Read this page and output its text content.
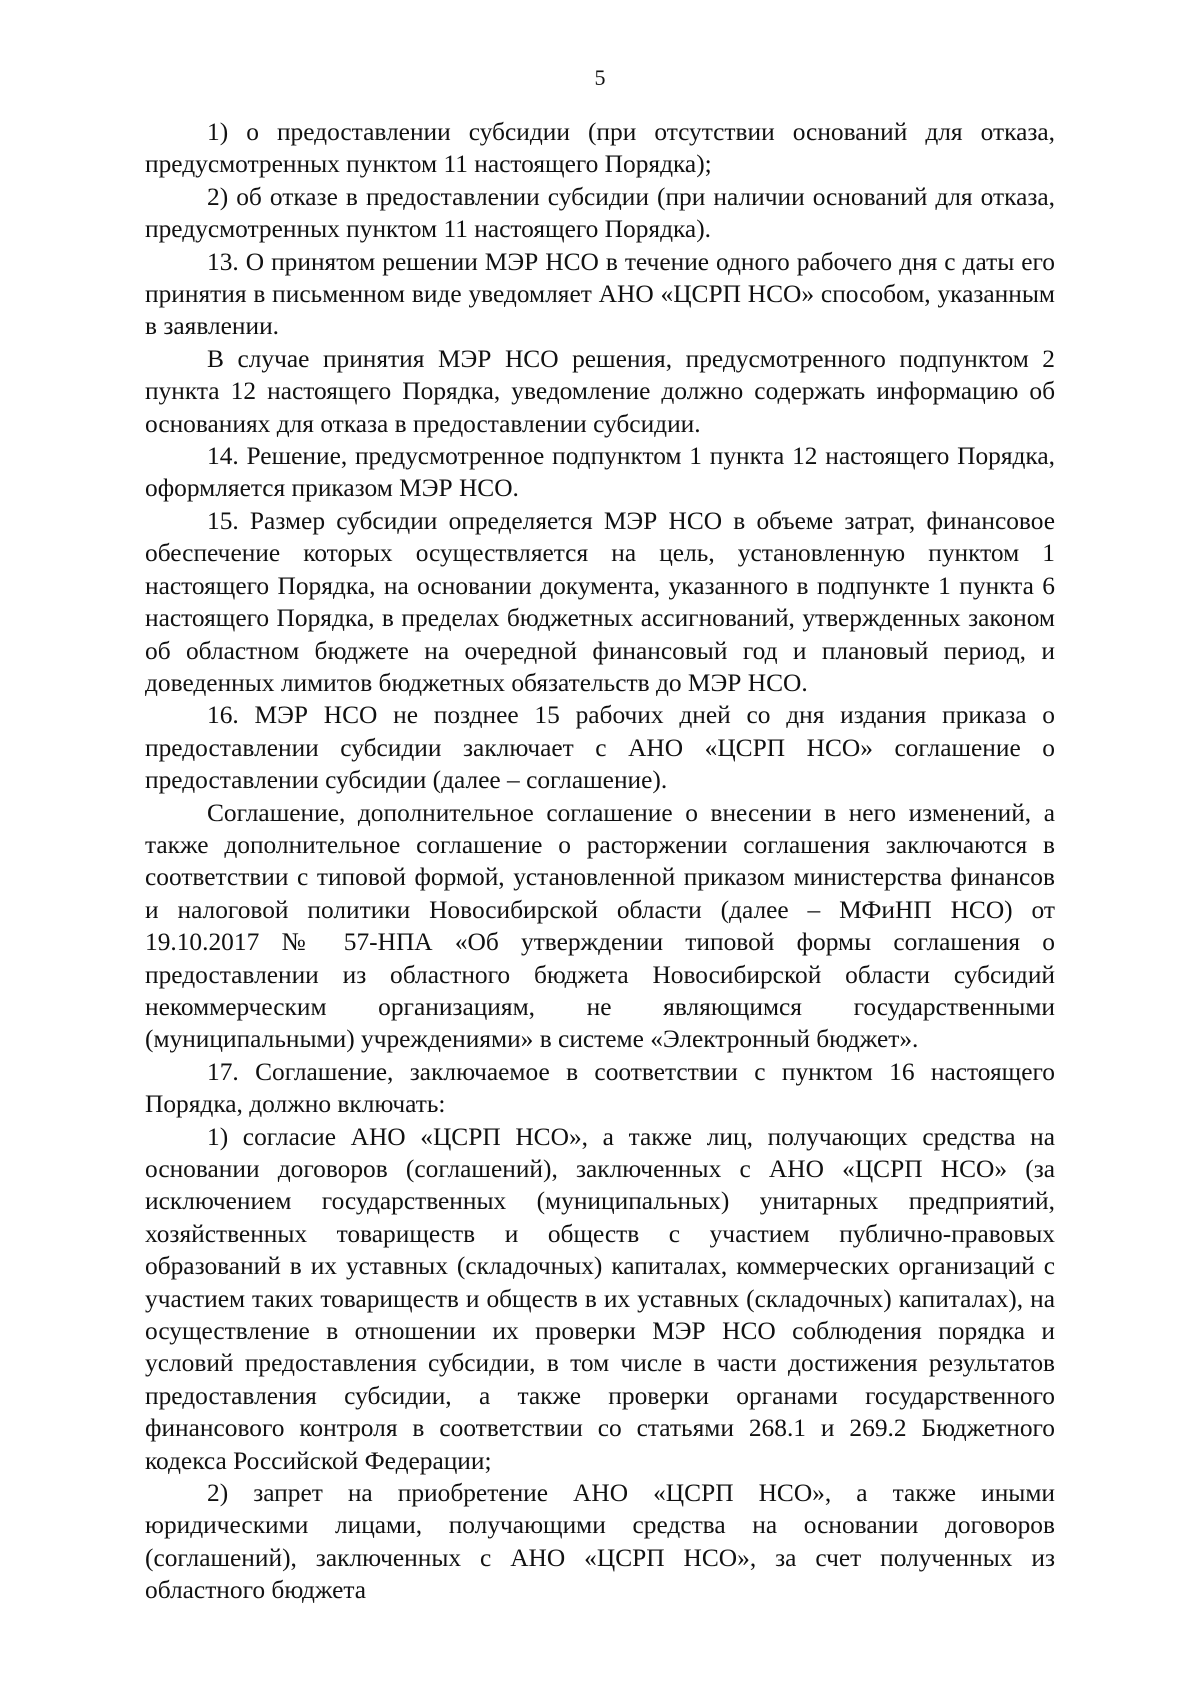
5

1) о предоставлении субсидии (при отсутствии оснований для отказа, предусмотренных пунктом 11 настоящего Порядка);

2) об отказе в предоставлении субсидии (при наличии оснований для отказа, предусмотренных пунктом 11 настоящего Порядка).

13. О принятом решении МЭР НСО в течение одного рабочего дня с даты его принятия в письменном виде уведомляет АНО «ЦСРП НСО» способом, указанным в заявлении.

В случае принятия МЭР НСО решения, предусмотренного подпунктом 2 пункта 12 настоящего Порядка, уведомление должно содержать информацию об основаниях для отказа в предоставлении субсидии.

14. Решение, предусмотренное подпунктом 1 пункта 12 настоящего Порядка, оформляется приказом МЭР НСО.

15. Размер субсидии определяется МЭР НСО в объеме затрат, финансовое обеспечение которых осуществляется на цель, установленную пунктом 1 настоящего Порядка, на основании документа, указанного в подпункте 1 пункта 6 настоящего Порядка, в пределах бюджетных ассигнований, утвержденных законом об областном бюджете на очередной финансовый год и плановый период, и доведенных лимитов бюджетных обязательств до МЭР НСО.

16. МЭР НСО не позднее 15 рабочих дней со дня издания приказа о предоставлении субсидии заключает с АНО «ЦСРП НСО» соглашение о предоставлении субсидии (далее – соглашение).

Соглашение, дополнительное соглашение о внесении в него изменений, а также дополнительное соглашение о расторжении соглашения заключаются в соответствии с типовой формой, установленной приказом министерства финансов и налоговой политики Новосибирской области (далее – МФиНП НСО) от 19.10.2017 № 57-НПА «Об утверждении типовой формы соглашения о предоставлении из областного бюджета Новосибирской области субсидий некоммерческим организациям, не являющимся государственными (муниципальными) учреждениями» в системе «Электронный бюджет».

17. Соглашение, заключаемое в соответствии с пунктом 16 настоящего Порядка, должно включать:

1) согласие АНО «ЦСРП НСО», а также лиц, получающих средства на основании договоров (соглашений), заключенных с АНО «ЦСРП НСО» (за исключением государственных (муниципальных) унитарных предприятий, хозяйственных товариществ и обществ с участием публично-правовых образований в их уставных (складочных) капиталах, коммерческих организаций с участием таких товариществ и обществ в их уставных (складочных) капиталах), на осуществление в отношении их проверки МЭР НСО соблюдения порядка и условий предоставления субсидии, в том числе в части достижения результатов предоставления субсидии, а также проверки органами государственного финансового контроля в соответствии со статьями 268.1 и 269.2 Бюджетного кодекса Российской Федерации;

2) запрет на приобретение АНО «ЦСРП НСО», а также иными юридическими лицами, получающими средства на основании договоров (соглашений), заключенных с АНО «ЦСРП НСО», за счет полученных из областного бюджета
